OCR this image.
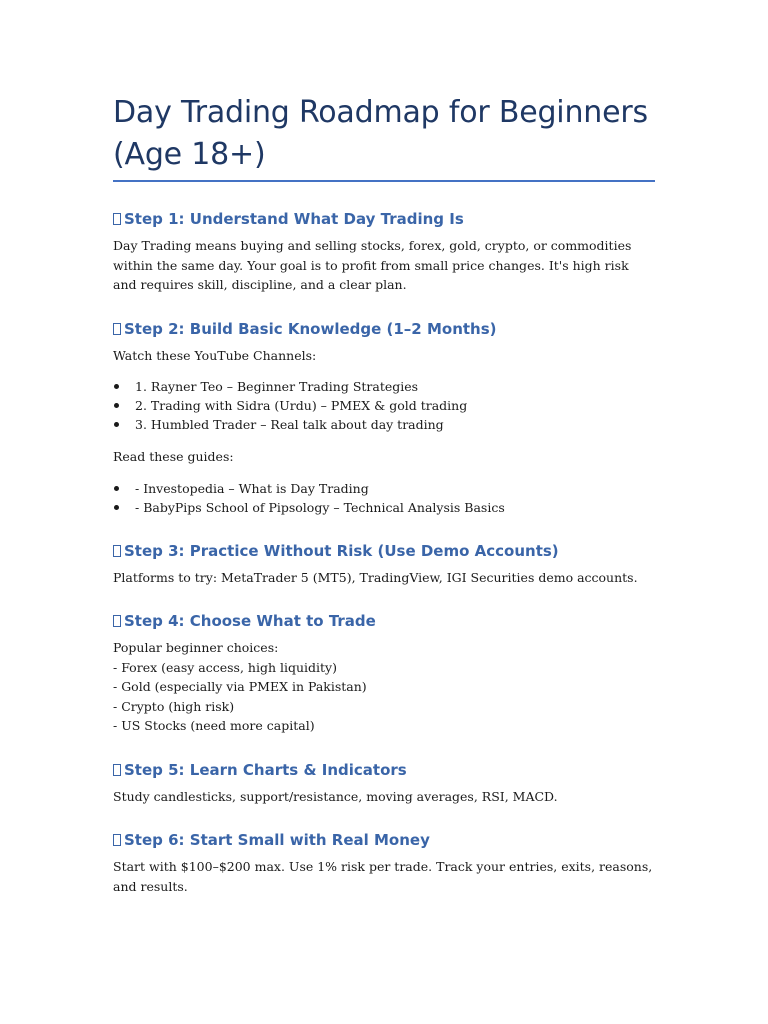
Day Trading Roadmap for Beginners
(Age 18+)
Step 1: Understand What Day Trading Is

Day Trading means buying and selling stocks, forex, gold, crypto, or commodities within the same day. Your goal is to profit from small price changes. It's high risk and requires skill, discipline, and a clear plan.

Step 2: Build Basic Knowledge (1–2 Months)

Watch these YouTube Channels:

1. Rayner Teo – Beginner Trading Strategies
2. Trading with Sidra (Urdu) – PMEX & gold trading
3. Humbled Trader – Real talk about day trading

Read these guides:

- Investopedia – What is Day Trading
- BabyPips School of Pipsology – Technical Analysis Basics
Step 3: Practice Without Risk (Use Demo Accounts)

Platforms to try: MetaTrader 5 (MT5), TradingView, IGI Securities demo accounts.

Step 4: Choose What to Trade

Popular beginner choices:

- Forex (easy access, high liquidity)

- Gold (especially via PMEX in Pakistan)

- Crypto (high risk)

- US Stocks (need more capital)

Step 5: Learn Charts & Indicators

Study candlesticks, support/resistance, moving averages, RSI, MACD.

Step 6: Start Small with Real Money

Start with $100–$200 max. Use 1% risk per trade. Track your entries, exits, reasons, and results.
